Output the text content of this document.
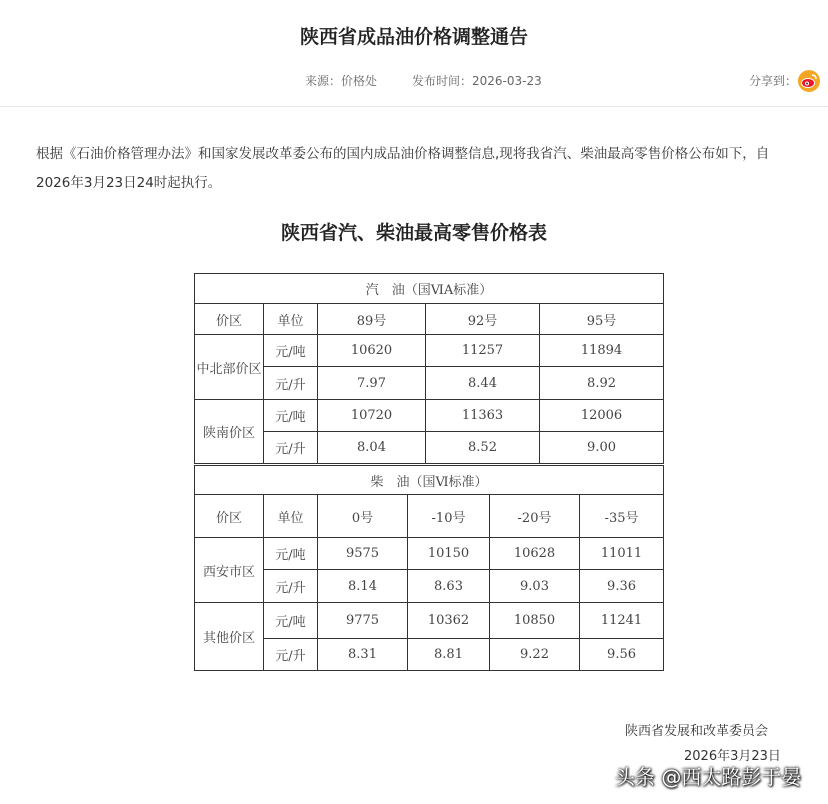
陕西省成品油价格调整通告
来源：价格处	发布时间：2026-03-23	分享到：
根据《石油价格管理办法》和国家发展改革委公布的国内成品油价格调整信息,现将我省汽、柴油最高零售价格公布如下，自2026年3月23日24时起执行。
陕西省汽、柴油最高零售价格表
汽　油（国ⅥA标准）				
价区	单位	89号	92号	95号
中北部价区	元/吨	10620	11257	11894
	元/升	7.97	8.44	8.92
陕南价区	元/吨	10720	11363	12006
	元/升	8.04	8.52	9.00
柴　油（国Ⅵ标准）					
价区	单位	0号	-10号	-20号	-35号
西安市区	元/吨	9575	10150	10628	11011
	元/升	8.14	8.63	9.03	9.36
其他价区	元/吨	9775	10362	10850	11241
	元/升	8.31	8.81	9.22	9.56
陕西省发展和改革委员会
2026年3月23日
头条 @西太路彭于晏
